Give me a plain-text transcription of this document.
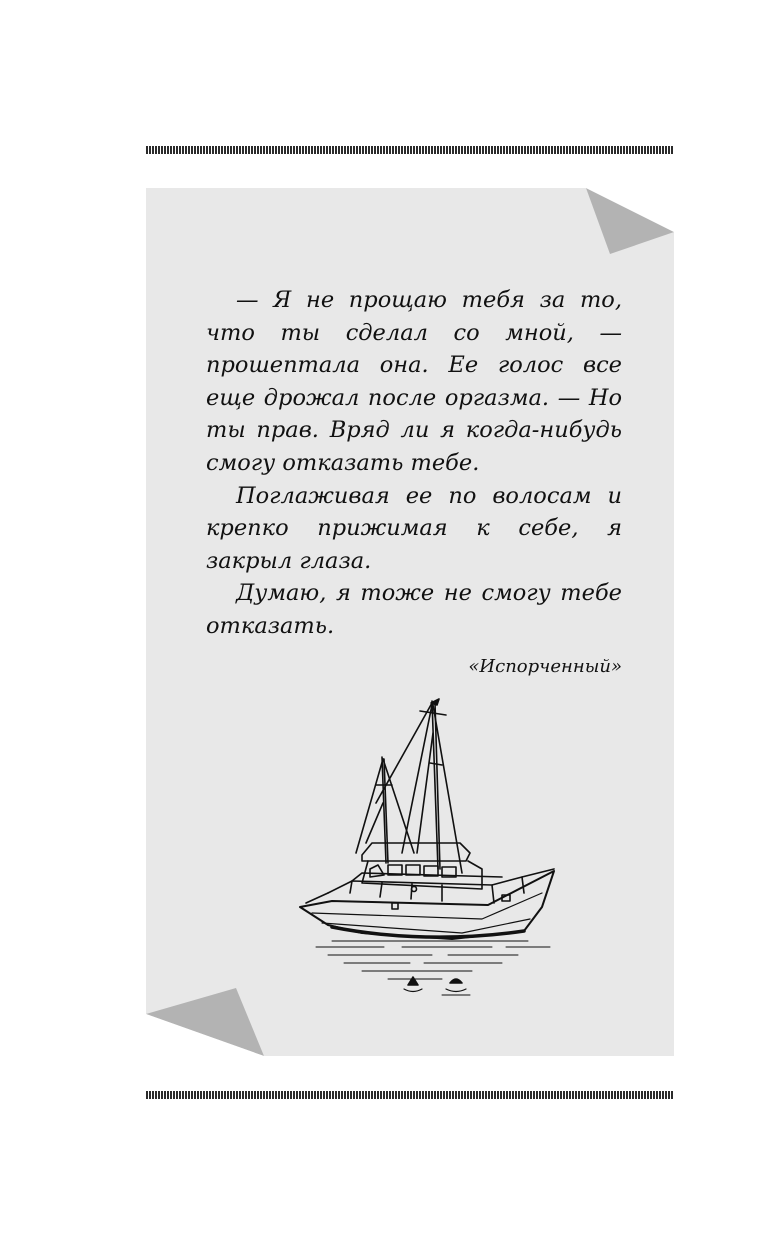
— Я не прощаю тебя за то, что ты сделал со мной, — прошептала она. Ее голос все еще дрожал после оргазма. — Но ты прав. Вряд ли я когда-нибудь смогу отказать тебе.

Поглаживая ее по волосам и крепко прижимая к себе, я закрыл глаза.

Думаю, я тоже не смогу тебе отказать.

«Испорченный»
